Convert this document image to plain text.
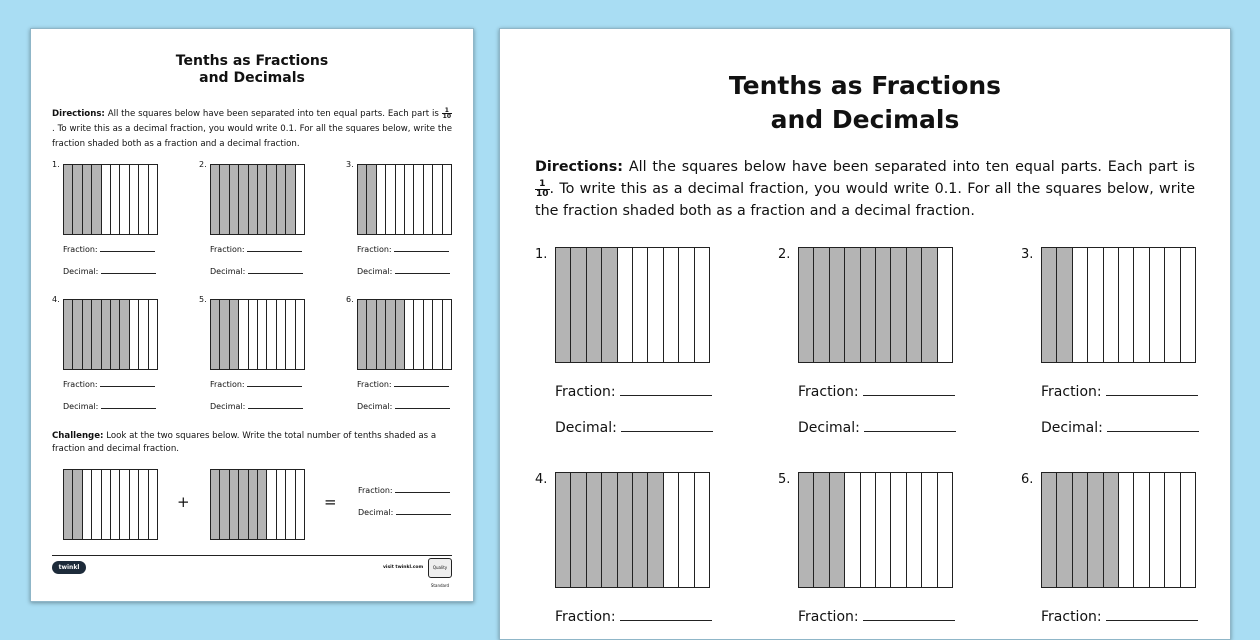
Tenths as Fractions
and Decimals
Directions: All the squares below have been separated into ten equal parts. Each part is $\frac{1}{10}$
. To write this as a decimal fraction, you would write 0.1. For all the squares below, write the fraction shaded both as a fraction and a decimal fraction.
1.
Fraction:
Decimal:
2.
Fraction:
Decimal:
3.
Fraction:
Decimal:
4.
Fraction:
Decimal:
5.
Fraction:
Decimal:
6.
Fraction:
Decimal:
Challenge: Look at the two squares below. Write the total number of tenths shaded as a fraction and decimal fraction.
+	=
Fraction:
Decimal:
twinkl	visit twinkl.com	Quality Standard
Tenths as Fractions
and Decimals
Directions: All the squares below have been separated into ten equal parts. Each part is
$\frac{1}{10}$ . To write this as a decimal fraction, you would write 0.1. For all the squares below, write the fraction shaded both as a fraction and a decimal fraction.
1.
Fraction:
Decimal:
2.
Fraction:
Decimal:
3.
Fraction:
Decimal:
4.
Fraction:
5.
Fraction:
6.
Fraction:
